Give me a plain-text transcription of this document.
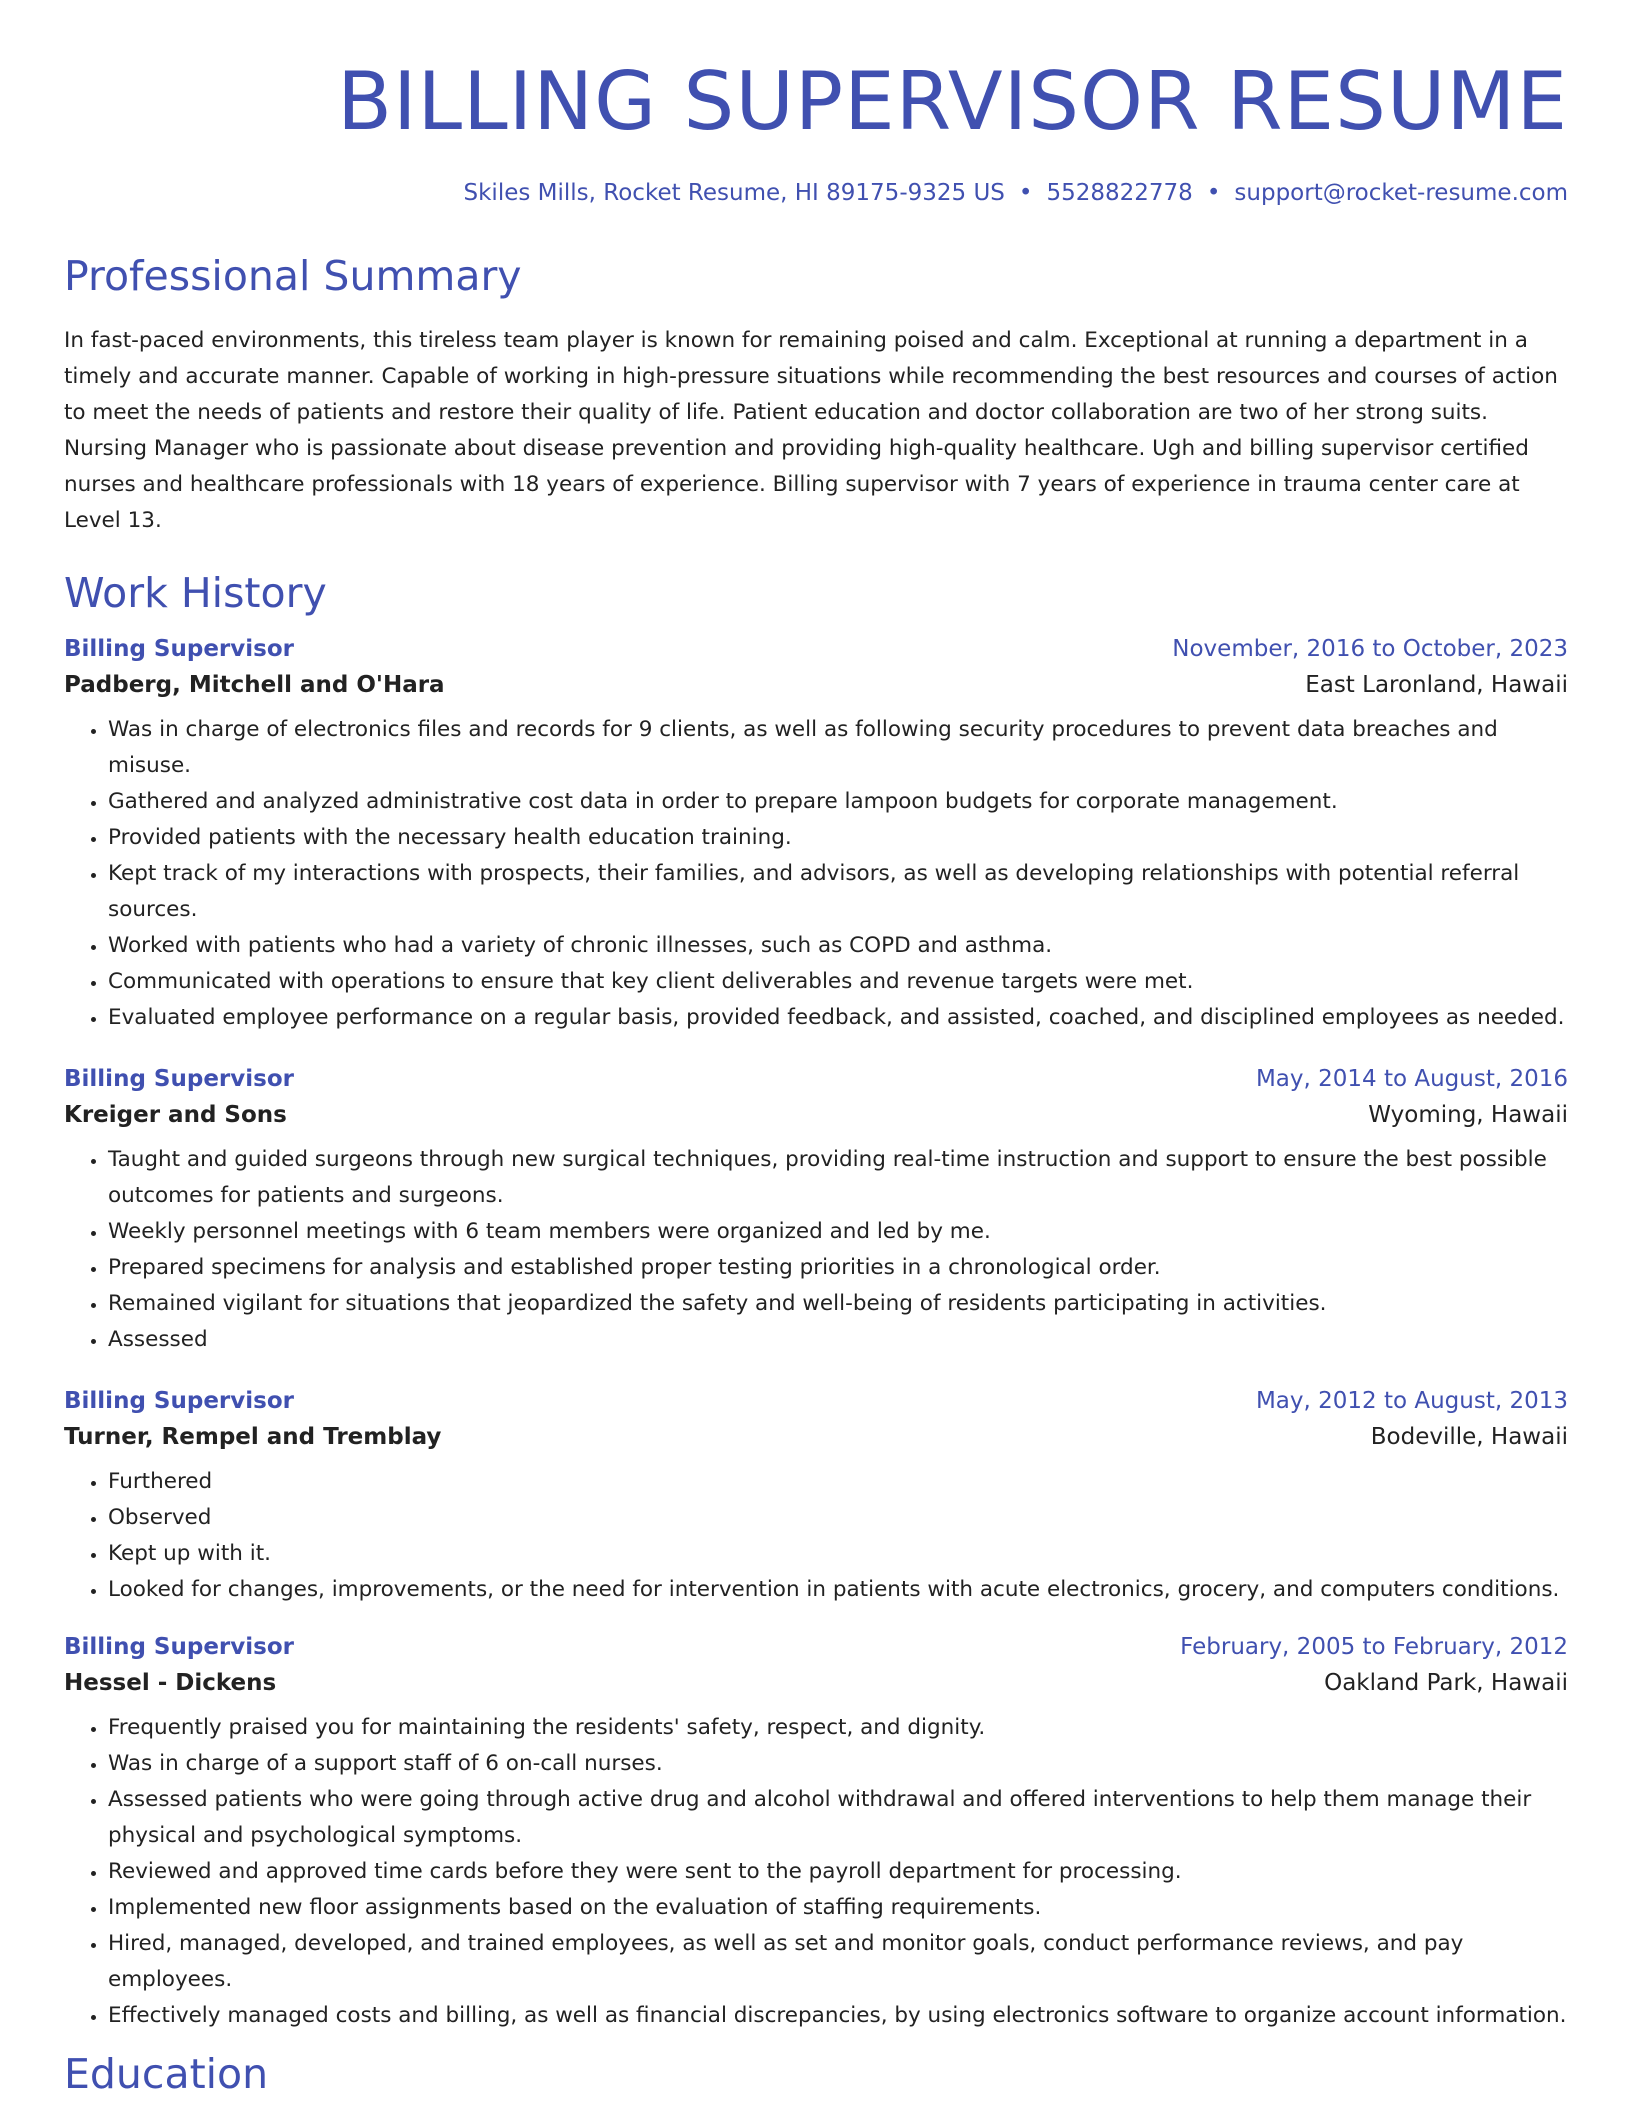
BILLING SUPERVISOR RESUME
Skiles Mills, Rocket Resume, HI 89175-9325 US • 5528822778 • support@rocket-resume.com
Professional Summary

In fast-paced environments, this tireless team player is known for remaining poised and calm. Exceptional at running a department in a timely and accurate manner. Capable of working in high-pressure situations while recommending the best resources and courses of action to meet the needs of patients and restore their quality of life. Patient education and doctor collaboration are two of her strong suits. Nursing Manager who is passionate about disease prevention and providing high-quality healthcare. Ugh and billing supervisor certified nurses and healthcare professionals with 18 years of experience. Billing supervisor with 7 years of experience in trauma center care at Level 13.

Work History
Billing Supervisor	November, 2016 to October, 2023
Padberg, Mitchell and O'Hara	East Laronland, Hawaii
• Was in charge of electronics files and records for 9 clients, as well as following security procedures to prevent data breaches and misuse.
• Gathered and analyzed administrative cost data in order to prepare lampoon budgets for corporate management.
• Provided patients with the necessary health education training.
• Kept track of my interactions with prospects, their families, and advisors, as well as developing relationships with potential referral sources.
• Worked with patients who had a variety of chronic illnesses, such as COPD and asthma.
• Communicated with operations to ensure that key client deliverables and revenue targets were met.
• Evaluated employee performance on a regular basis, provided feedback, and assisted, coached, and disciplined employees as needed.
Billing Supervisor	May, 2014 to August, 2016
Kreiger and Sons	Wyoming, Hawaii
• Taught and guided surgeons through new surgical techniques, providing real-time instruction and support to ensure the best possible outcomes for patients and surgeons.
• Weekly personnel meetings with 6 team members were organized and led by me.
• Prepared specimens for analysis and established proper testing priorities in a chronological order.
• Remained vigilant for situations that jeopardized the safety and well-being of residents participating in activities.
• Assessed
Billing Supervisor	May, 2012 to August, 2013
Turner, Rempel and Tremblay	Bodeville, Hawaii
• Furthered
• Observed
• Kept up with it.
• Looked for changes, improvements, or the need for intervention in patients with acute electronics, grocery, and computers conditions.
Billing Supervisor	February, 2005 to February, 2012
Hessel - Dickens	Oakland Park, Hawaii
• Frequently praised you for maintaining the residents' safety, respect, and dignity.
• Was in charge of a support staff of 6 on-call nurses.
• Assessed patients who were going through active drug and alcohol withdrawal and offered interventions to help them manage their physical and psychological symptoms.
• Reviewed and approved time cards before they were sent to the payroll department for processing.
• Implemented new floor assignments based on the evaluation of staffing requirements.
• Hired, managed, developed, and trained employees, as well as set and monitor goals, conduct performance reviews, and pay employees.
• Effectively managed costs and billing, as well as financial discrepancies, by using electronics software to organize account information.
Education
